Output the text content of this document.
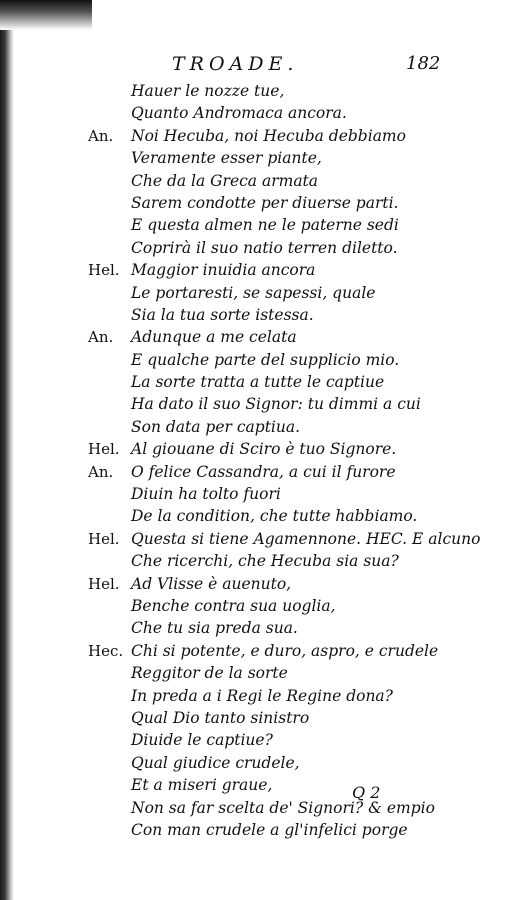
TROADE.	182
Hauer le nozze tue,
Quanto Andromaca ancora.
An. Noi Hecuba, noi Hecuba debbiamo
Veramente esser piante,
Che da la Greca armata
Sarem condotte per diuerse parti.
E questa almen ne le paterne sedi
Coprirà il suo natio terren diletto.
Hel. Maggior inuidia ancora
Le portaresti, se sapessi, quale
Sia la tua sorte istessa.
An. Adunque a me celata
E qualche parte del supplicio mio.
La sorte tratta a tutte le captiue
Ha dato il suo Signor: tu dimmi a cui
Son data per captiua.
Hel. Al giouane di Sciro è tuo Signore.
An. O felice Cassandra, a cui il furore
Diuin ha tolto fuori
De la condition, che tutte habbiamo.
Hel. Questa si tiene Agamennone. HEC. E alcuno
Che ricerchi, che Hecuba sia sua?
Hel. Ad Vlisse è auenuto,
Benche contra sua uoglia,
Che tu sia preda sua.
Hec. Chi si potente, e duro, aspro, e crudele
Reggitor de la sorte
In preda a i Regi le Regine dona?
Qual Dio tanto sinistro
Diuide le captiue?
Qual giudice crudele,
Et a miseri graue,
Non sa far scelta de' Signori? & empio
Con man crudele a gl'infelici porge
Q 2
